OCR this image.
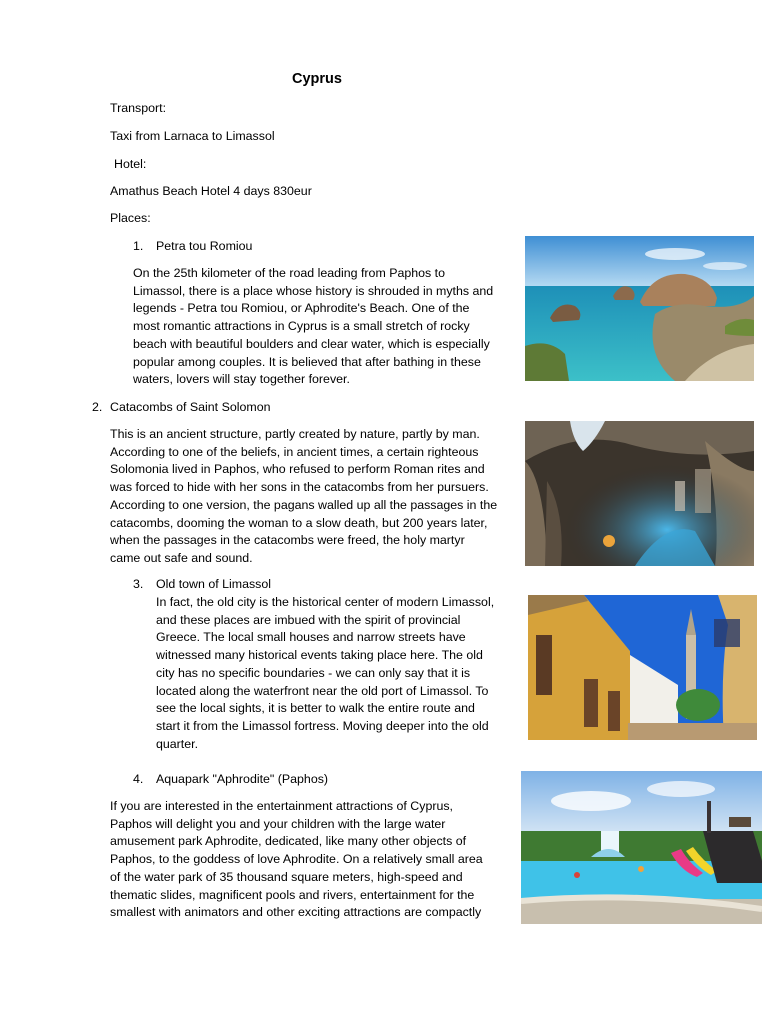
Cyprus
Transport:
Taxi from Larnaca to Limassol
Hotel:
Amathus Beach Hotel 4 days 830eur
Places:
1. Petra tou Romiou
On the 25th kilometer of the road leading from Paphos to
Limassol, there is a place whose history is shrouded in myths and
legends - Petra tou Romiou, or Aphrodite's Beach. One of the
most romantic attractions in Cyprus is a small stretch of rocky
beach with beautiful boulders and clear water, which is especially
popular among couples. It is believed that after bathing in these
waters, lovers will stay together forever.
2. Catacombs of Saint Solomon
This is an ancient structure, partly created by nature, partly by man.
According to one of the beliefs, in ancient times, a certain righteous
Solomonia lived in Paphos, who refused to perform Roman rites and
was forced to hide with her sons in the catacombs from her pursuers.
According to one version, the pagans walled up all the passages in the
catacombs, dooming the woman to a slow death, but 200 years later,
when the passages in the catacombs were freed, the holy martyr
came out safe and sound.
3. Old town of Limassol
In fact, the old city is the historical center of modern Limassol,
and these places are imbued with the spirit of provincial
Greece. The local small houses and narrow streets have
witnessed many historical events taking place here. The old
city has no specific boundaries - we can only say that it is
located along the waterfront near the old port of Limassol. To
see the local sights, it is better to walk the entire route and
start it from the Limassol fortress. Moving deeper into the old
quarter.
4. Aquapark "Aphrodite" (Paphos)
If you are interested in the entertainment attractions of Cyprus,
Paphos will delight you and your children with the large water
amusement park Aphrodite, dedicated, like many other objects of
Paphos, to the goddess of love Aphrodite. On a relatively small area
of the water park of 35 thousand square meters, high-speed and
thematic slides, magnificent pools and rivers, entertainment for the
smallest with animators and other exciting attractions are compactly
